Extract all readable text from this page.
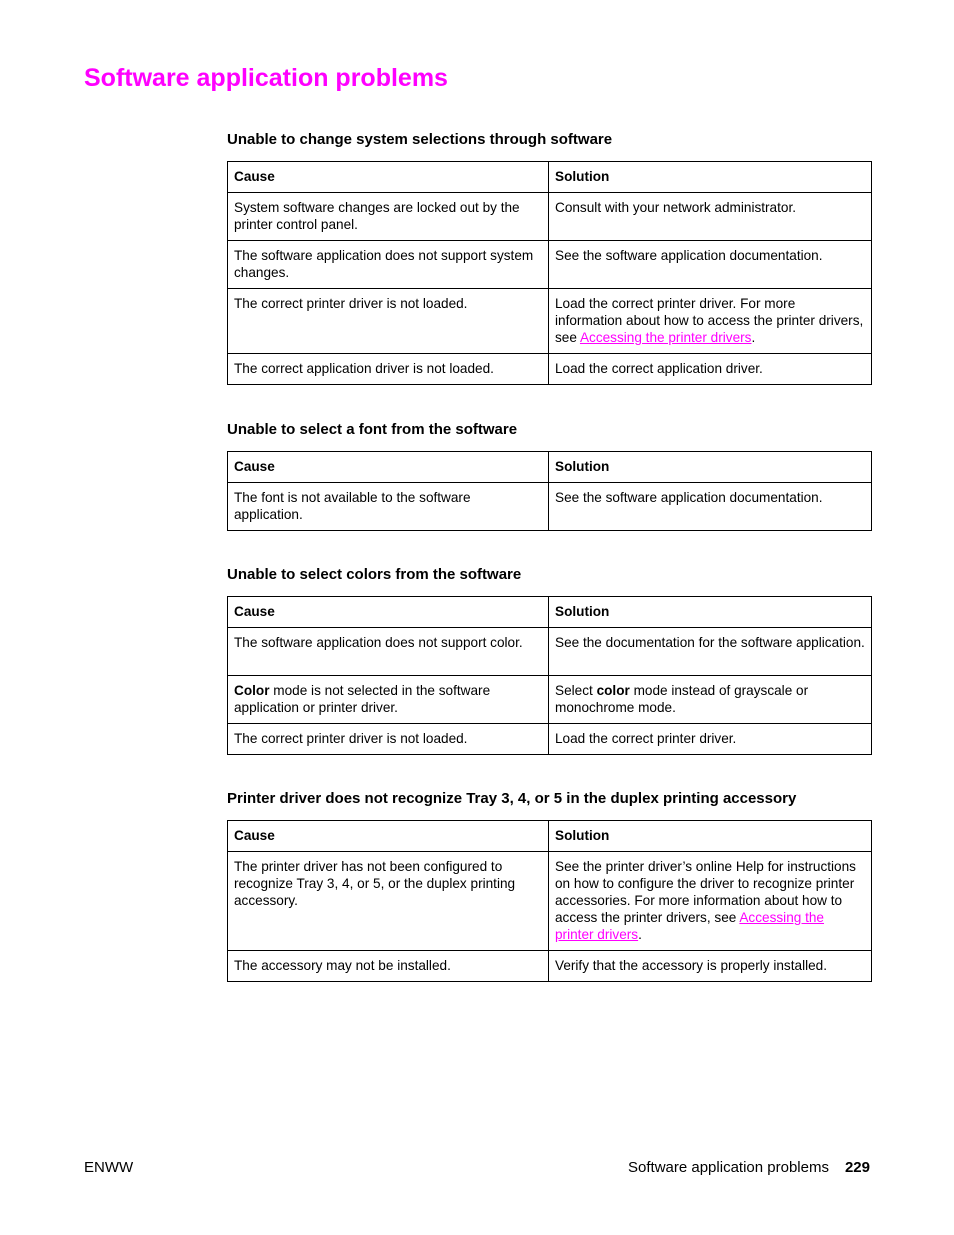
Software application problems
Unable to change system selections through software
Cause	Solution
System software changes are locked out by the printer control panel.	Consult with your network administrator.
The software application does not support system changes.	See the software application documentation.
The correct printer driver is not loaded.	Load the correct printer driver. For more information about how to access the printer drivers, see Accessing the printer drivers.
The correct application driver is not loaded.	Load the correct application driver.
Unable to select a font from the software
Cause	Solution
The font is not available to the software application.	See the software application documentation.
Unable to select colors from the software
Cause	Solution
The software application does not support color.	See the documentation for the software application.
Color mode is not selected in the software application or printer driver.	Select color mode instead of grayscale or monochrome mode.
The correct printer driver is not loaded.	Load the correct printer driver.
Printer driver does not recognize Tray 3, 4, or 5 in the duplex printing accessory
Cause	Solution
The printer driver has not been configured to recognize Tray 3, 4, or 5, or the duplex printing accessory.	See the printer driver’s online Help for instructions on how to configure the driver to recognize printer accessories. For more information about how to access the printer drivers, see Accessing the printer drivers.
The accessory may not be installed.	Verify that the accessory is properly installed.
ENWW	Software application problems 229
